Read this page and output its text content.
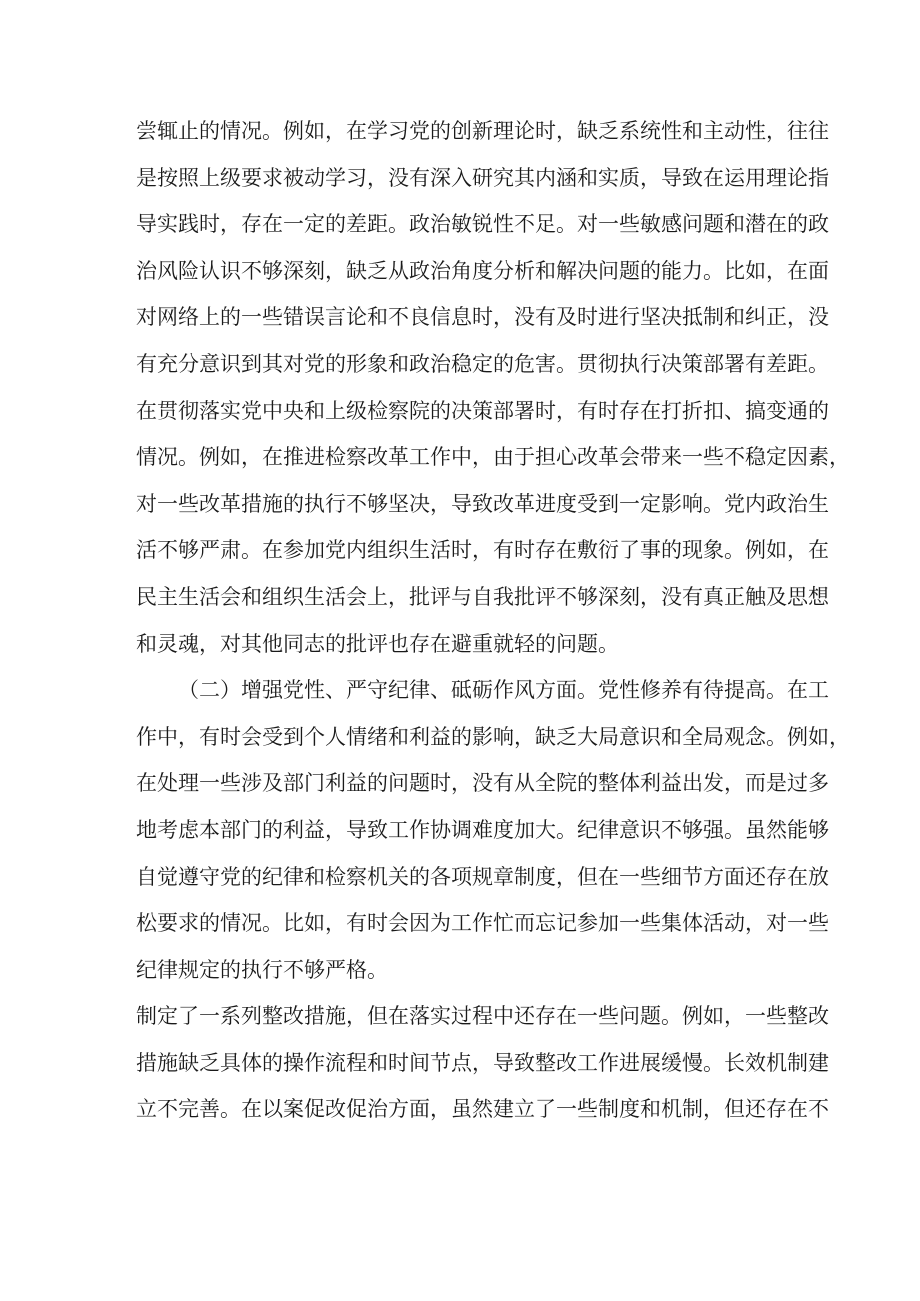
尝辄止的情况。例如，在学习党的创新理论时，缺乏系统性和主动性，往往
是按照上级要求被动学习，没有深入研究其内涵和实质，导致在运用理论指
导实践时，存在一定的差距。政治敏锐性不足。对一些敏感问题和潜在的政
治风险认识不够深刻，缺乏从政治角度分析和解决问题的能力。比如，在面
对网络上的一些错误言论和不良信息时，没有及时进行坚决抵制和纠正，没
有充分意识到其对党的形象和政治稳定的危害。贯彻执行决策部署有差距。
在贯彻落实党中央和上级检察院的决策部署时，有时存在打折扣、搞变通的
情况。例如，在推进检察改革工作中，由于担心改革会带来一些不稳定因素，
对一些改革措施的执行不够坚决，导致改革进度受到一定影响。党内政治生
活不够严肃。在参加党内组织生活时，有时存在敷衍了事的现象。例如，在
民主生活会和组织生活会上，批评与自我批评不够深刻，没有真正触及思想
和灵魂，对其他同志的批评也存在避重就轻的问题。
（二）增强党性、严守纪律、砥砺作风方面。党性修养有待提高。在工
作中，有时会受到个人情绪和利益的影响，缺乏大局意识和全局观念。例如，
在处理一些涉及部门利益的问题时，没有从全院的整体利益出发，而是过多
地考虑本部门的利益，导致工作协调难度加大。纪律意识不够强。虽然能够
自觉遵守党的纪律和检察机关的各项规章制度，但在一些细节方面还存在放
松要求的情况。比如，有时会因为工作忙而忘记参加一些集体活动，对一些
纪律规定的执行不够严格。
制定了一系列整改措施，但在落实过程中还存在一些问题。例如，一些整改
措施缺乏具体的操作流程和时间节点，导致整改工作进展缓慢。长效机制建
立不完善。在以案促改促治方面，虽然建立了一些制度和机制，但还存在不
